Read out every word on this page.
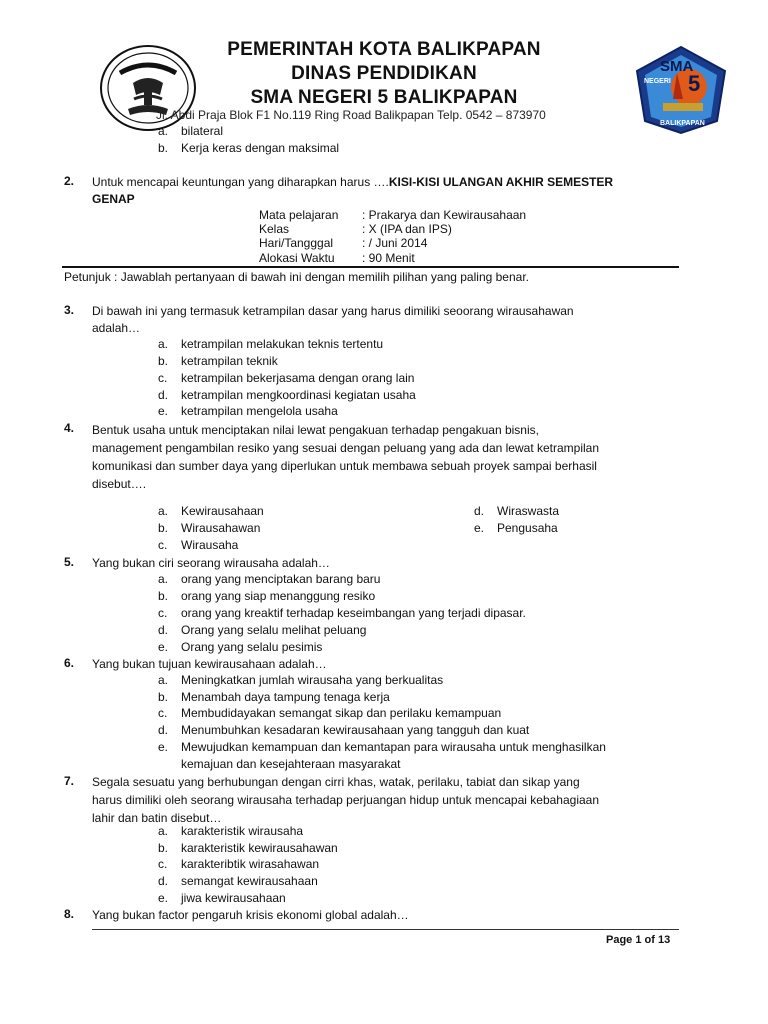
PEMERINTAH KOTA BALIKPAPAN
DINAS PENDIDIKAN
SMA NEGERI 5 BALIKPAPAN
SMA
NEGERI 5
BALIKPAPAN
Jl. Abdi Praja Blok F1 No.119 Ring Road Balikpapan Telp. 0542 – 873970
a. bilateral
b. Kerja keras dengan maksimal
2. Untuk mencapai keuntungan yang diharapkan harus ….KISI-KISI ULANGAN AKHIR SEMESTER
GENAP
Mata pelajaran : Prakarya dan Kewirausahaan
Kelas	: X (IPA dan IPS)
Hari/Tangggal : / Juni 2014
Alokasi Waktu : 90 Menit
Petunjuk : Jawablah pertanyaan di bawah ini dengan memilih pilihan yang paling benar.
3. Di bawah ini yang termasuk ketrampilan dasar yang harus dimiliki seoorang wirausahawan
adalah…
a. ketrampilan melakukan teknis tertentu
b. ketrampilan teknik
c. ketrampilan bekerjasama dengan orang lain
d. ketrampilan mengkoordinasi kegiatan usaha
e. ketrampilan mengelola usaha
4. Bentuk usaha untuk menciptakan nilai lewat pengakuan terhadap pengakuan bisnis,
management pengambilan resiko yang sesuai dengan peluang yang ada dan lewat ketrampilan
komunikasi dan sumber daya yang diperlukan untuk membawa sebuah proyek sampai berhasil
disebut….
a. Kewirausahaan
b. Wirausahawan
c. Wirausaha
d. Wiraswasta
e. Pengusaha
5. Yang bukan ciri seorang wirausaha adalah…
a. orang yang menciptakan barang baru
b. orang yang siap menanggung resiko
c. orang yang kreaktif terhadap keseimbangan yang terjadi dipasar.
d. Orang yang selalu melihat peluang
e. Orang yang selalu pesimis
6. Yang bukan tujuan kewirausahaan adalah…
a. Meningkatkan jumlah wirausaha yang berkualitas
b. Menambah daya tampung tenaga kerja
c. Membudidayakan semangat sikap dan perilaku kemampuan
d. Menumbuhkan kesadaran kewirausahaan yang tangguh dan kuat
e. Mewujudkan kemampuan dan kemantapan para wirausaha untuk menghasilkan
kemajuan dan kesejahteraan masyarakat
7. Segala sesuatu yang berhubungan dengan cirri khas, watak, perilaku, tabiat dan sikap yang
harus dimiliki oleh seorang wirausaha terhadap perjuangan hidup untuk mencapai kebahagiaan
lahir dan batin disebut…
a. karakteristik wirausaha
b. karakteristik kewirausahawan
c. karakteribtik wirasahawan
d. semangat kewirausahaan
e. jiwa kewirausahaan
8. Yang bukan factor pengaruh krisis ekonomi global adalah…
Page 1 of 13
